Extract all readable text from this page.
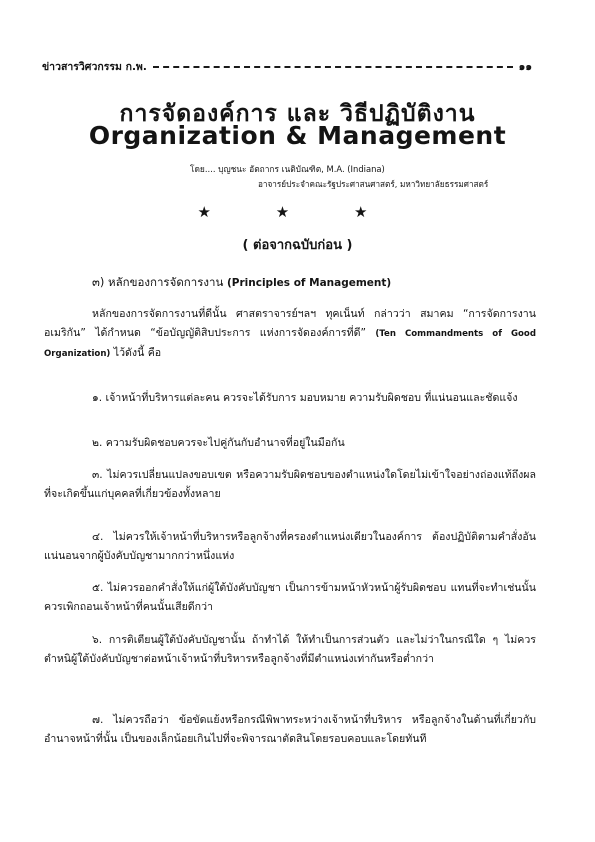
ข่าวสารวิศวกรรม ก.พ.	๑๑
การจัดองค์การ และ วิธีปฏิบัติงาน
Organization & Management
โดย.... บุญชนะ อัตถากร เนติบัณฑิต, M.A. (Indiana)
อาจารย์ประจำคณะรัฐประศาสนศาสตร์, มหาวิทยาลัยธรรมศาสตร์
★ ★ ★
( ต่อจากฉบับก่อน )
๓) หลักของการจัดการงาน (Principles of Management)
หลักของการจัดการงานที่ดีนั้น ศาสตราจารย์ฯลฯ ทุคเน็นท์ กล่าวว่า สมาคม “การจัดการงานอเมริกัน” ได้กำหนด “ข้อบัญญัติสิบประการ แห่งการจัดองค์การที่ดี” (Ten Commandments of Good Organization) ไว้ดังนี้ คือ
๑. เจ้าหน้าที่บริหารแต่ละคน ควรจะได้รับการ มอบหมาย ความรับผิดชอบ ที่แน่นอนและชัดแจ้ง
๒. ความรับผิดชอบควรจะไปคู่กันกับอำนาจที่อยู่ในมือกัน
๓. ไม่ควรเปลี่ยนแปลงขอบเขต หรือความรับผิดชอบของตำแหน่งใดโดยไม่เข้าใจอย่างถ่องแท้ถึงผลที่จะเกิดขึ้นแก่บุคคลที่เกี่ยวข้องทั้งหลาย
๔. ไม่ควรให้เจ้าหน้าที่บริหารหรือลูกจ้างที่ครองตำแหน่งเดียวในองค์การ ต้องปฏิบัติตามคำสั่งอันแน่นอนจากผู้บังคับบัญชามากกว่าหนึ่งแห่ง
๕. ไม่ควรออกคำสั่งให้แก่ผู้ใต้บังคับบัญชา เป็นการข้ามหน้าหัวหน้าผู้รับผิดชอบ แทนที่จะทำเช่นนั้น ควรเพิกถอนเจ้าหน้าที่คนนั้นเสียดีกว่า
๖. การติเตียนผู้ใต้บังคับบัญชานั้น ถ้าทำได้ ให้ทำเป็นการส่วนตัว และไม่ว่าในกรณีใด ๆ ไม่ควรตำหนิผู้ใต้บังคับบัญชาต่อหน้าเจ้าหน้าที่บริหารหรือลูกจ้างที่มีตำแหน่งเท่ากันหรือต่ำกว่า
๗. ไม่ควรถือว่า ข้อขัดแย้งหรือกรณีพิพาทระหว่างเจ้าหน้าที่บริหาร หรือลูกจ้างในด้านที่เกี่ยวกับอำนาจหน้าที่นั้น เป็นของเล็กน้อยเกินไปที่จะพิจารณาตัดสินโดยรอบคอบและโดยทันที
